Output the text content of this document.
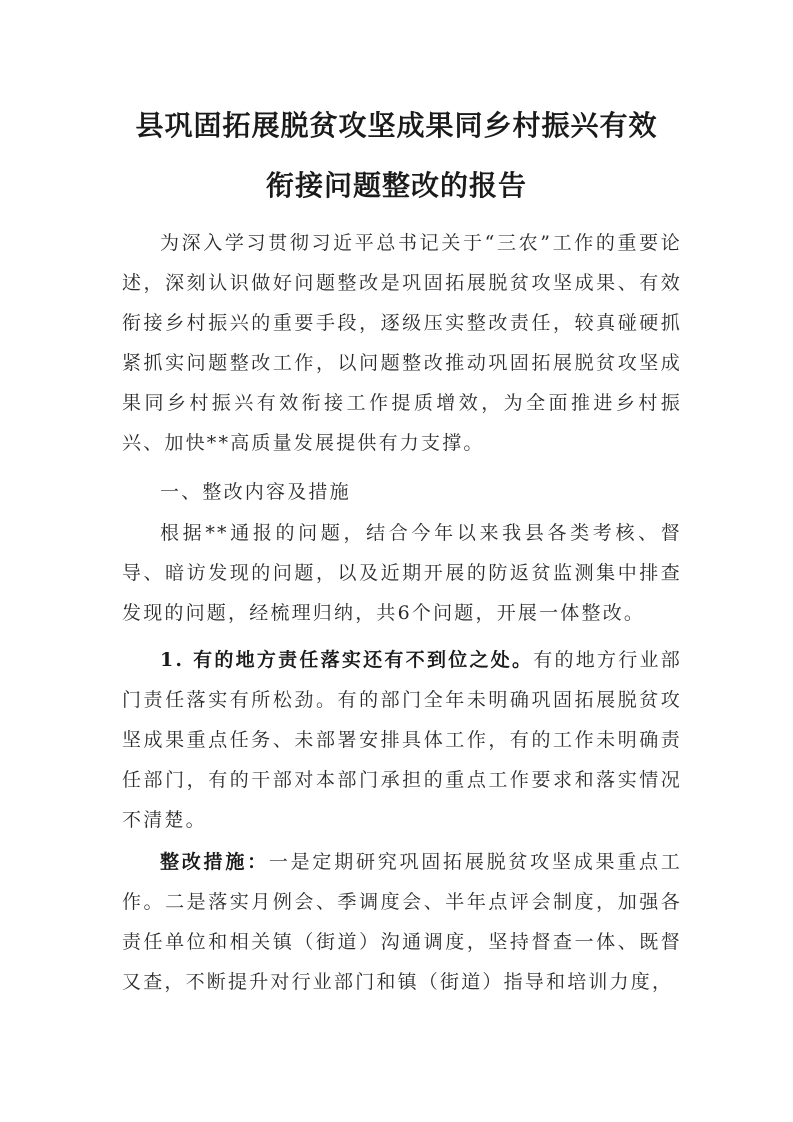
县巩固拓展脱贫攻坚成果同乡村振兴有效
衔接问题整改的报告

为深入学习贯彻习近平总书记关于“三农”工作的重要论述，深刻认识做好问题整改是巩固拓展脱贫攻坚成果、有效衔接乡村振兴的重要手段，逐级压实整改责任，较真碰硬抓紧抓实问题整改工作，以问题整改推动巩固拓展脱贫攻坚成果同乡村振兴有效衔接工作提质增效，为全面推进乡村振兴、加快**高质量发展提供有力支撑。

一、整改内容及措施

根据**通报的问题，结合今年以来我县各类考核、督导、暗访发现的问题，以及近期开展的防返贫监测集中排查发现的问题，经梳理归纳，共6个问题，开展一体整改。

1. 有的地方责任落实还有不到位之处。有的地方行业部门责任落实有所松劲。有的部门全年未明确巩固拓展脱贫攻坚成果重点任务、未部署安排具体工作，有的工作未明确责任部门，有的干部对本部门承担的重点工作要求和落实情况不清楚。

整改措施：一是定期研究巩固拓展脱贫攻坚成果重点工作。二是落实月例会、季调度会、半年点评会制度，加强各责任单位和相关镇（街道）沟通调度，坚持督查一体、既督又查，不断提升对行业部门和镇（街道）指导和培训力度，
